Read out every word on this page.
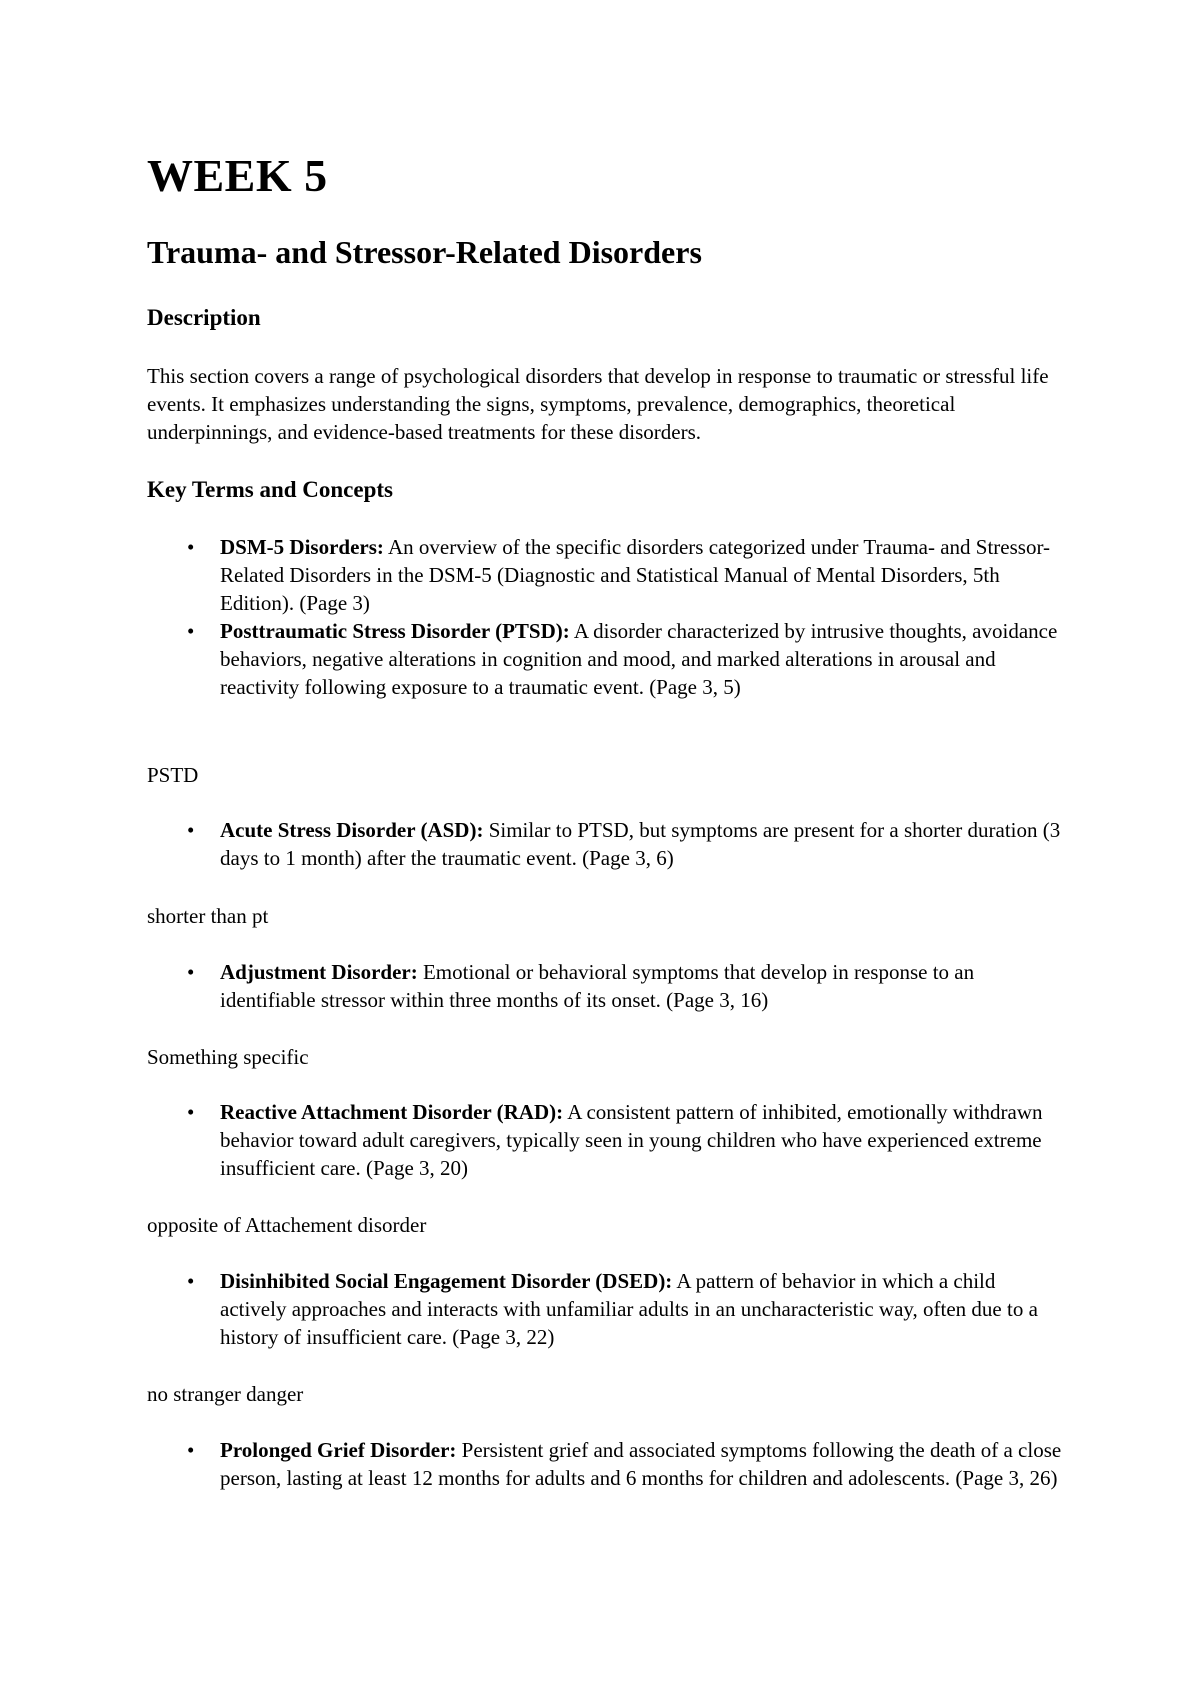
WEEK 5
Trauma- and Stressor-Related Disorders
Description

This section covers a range of psychological disorders that develop in response to traumatic or stressful life events. It emphasizes understanding the signs, symptoms, prevalence, demographics, theoretical underpinnings, and evidence-based treatments for these disorders.

Key Terms and Concepts
• DSM-5 Disorders: An overview of the specific disorders categorized under Trauma- and Stressor-Related Disorders in the DSM-5 (Diagnostic and Statistical Manual of Mental Disorders, 5th Edition). (Page 3)
• Posttraumatic Stress Disorder (PTSD): A disorder characterized by intrusive thoughts, avoidance behaviors, negative alterations in cognition and mood, and marked alterations in arousal and reactivity following exposure to a traumatic event. (Page 3, 5)

PSTD

• Acute Stress Disorder (ASD): Similar to PTSD, but symptoms are present for a shorter duration (3 days to 1 month) after the traumatic event. (Page 3, 6)

shorter than pt

• Adjustment Disorder: Emotional or behavioral symptoms that develop in response to an identifiable stressor within three months of its onset. (Page 3, 16)

Something specific

• Reactive Attachment Disorder (RAD): A consistent pattern of inhibited, emotionally withdrawn behavior toward adult caregivers, typically seen in young children who have experienced extreme insufficient care. (Page 3, 20)

opposite of Attachement disorder

• Disinhibited Social Engagement Disorder (DSED): A pattern of behavior in which a child actively approaches and interacts with unfamiliar adults in an uncharacteristic way, often due to a history of insufficient care. (Page 3, 22)

no stranger danger

• Prolonged Grief Disorder: Persistent grief and associated symptoms following the death of a close person, lasting at least 12 months for adults and 6 months for children and adolescents. (Page 3, 26)
